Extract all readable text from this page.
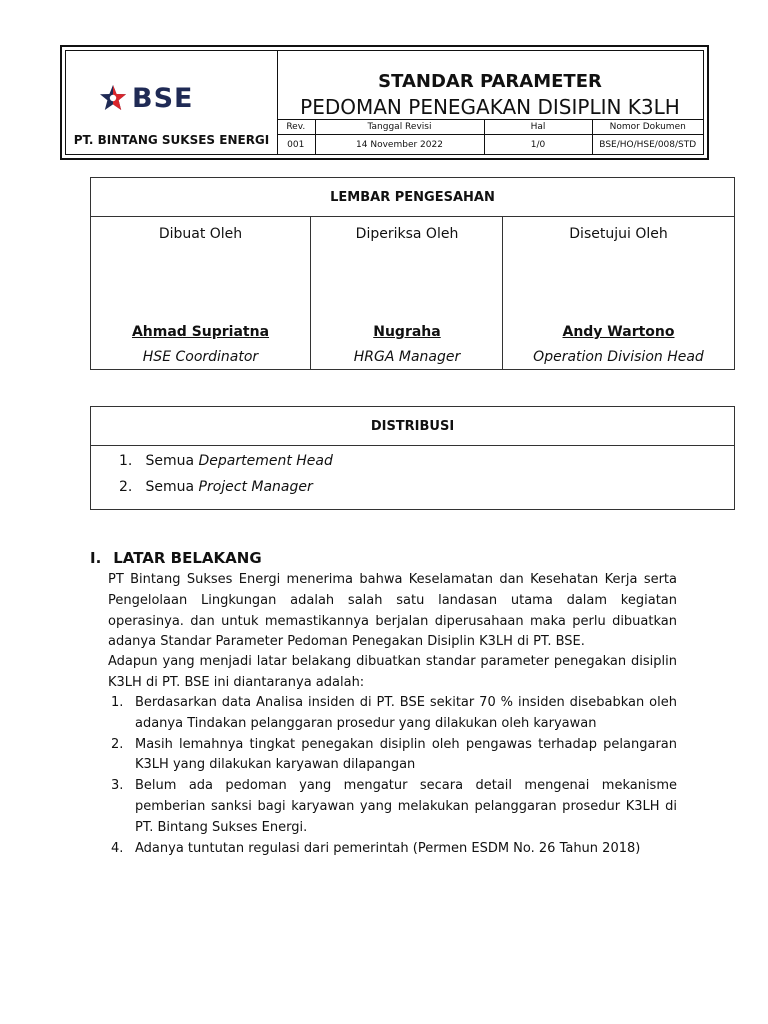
BSE
PT. BINTANG SUKSES ENERGI
STANDAR PARAMETER
PEDOMAN PENEGAKAN DISIPLIN K3LH
Rev.	Tanggal Revisi	Hal	Nomor Dokumen
001	14 November 2022	1/0	BSE/HO/HSE/008/STD
LEMBAR PENGESAHAN
Dibuat Oleh
Ahmad Supriatna
HSE Coordinator
Diperiksa Oleh
Nugraha
HRGA Manager
Disetujui Oleh
Andy Wartono
Operation Division Head
DISTRIBUSI
1. Semua Departement Head
2. Semua Project Manager
I. LATAR BELAKANG
PT Bintang Sukses Energi menerima bahwa Keselamatan dan Kesehatan Kerja serta Pengelolaan Lingkungan adalah salah satu landasan utama dalam kegiatan operasinya. dan untuk memastikannya berjalan diperusahaan maka perlu dibuatkan adanya Standar Parameter Pedoman Penegakan Disiplin K3LH di PT. BSE.
Adapun yang menjadi latar belakang dibuatkan standar parameter penegakan disiplin K3LH di PT. BSE ini diantaranya adalah:
1. Berdasarkan data Analisa insiden di PT. BSE sekitar 70 % insiden disebabkan oleh adanya Tindakan pelanggaran prosedur yang dilakukan oleh karyawan
2. Masih lemahnya tingkat penegakan disiplin oleh pengawas terhadap pelangaran K3LH yang dilakukan karyawan dilapangan
3. Belum ada pedoman yang mengatur secara detail mengenai mekanisme pemberian sanksi bagi karyawan yang melakukan pelanggaran prosedur K3LH di PT. Bintang Sukses Energi.
4. Adanya tuntutan regulasi dari pemerintah (Permen ESDM No. 26 Tahun 2018)
